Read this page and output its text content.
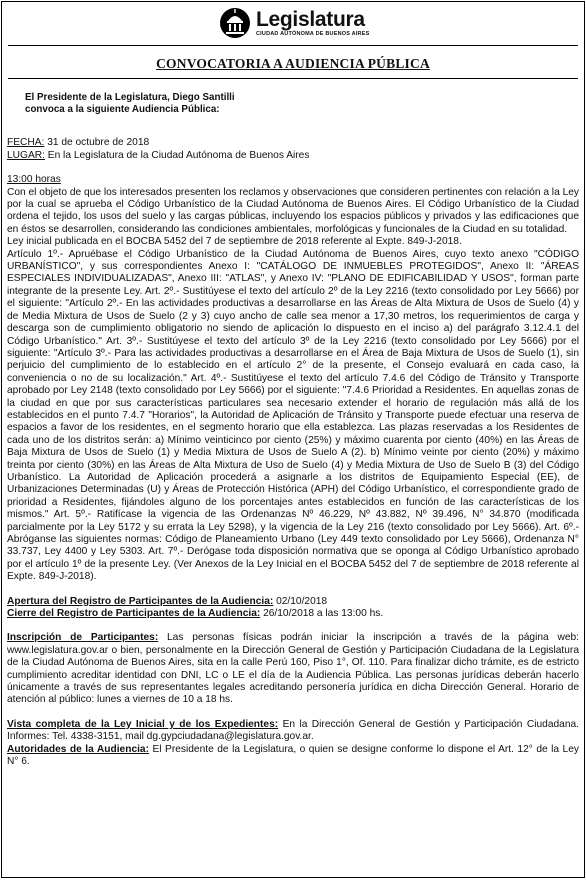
Legislatura
CIUDAD AUTÓNOMA DE BUENOS AIRES
CONVOCATORIA A AUDIENCIA PÚBLICA
El Presidente de la Legislatura, Diego Santilli
convoca a la siguiente Audiencia Pública:

FECHA: 31 de octubre de 2018

LUGAR: En la Legislatura de la Ciudad Autónoma de Buenos Aires

13:00 horas

Con el objeto de que los interesados presenten los reclamos y observaciones que consideren pertinentes con relación a la Ley por la cual se aprueba el Código Urbanístico de la Ciudad Autónoma de Buenos Aires. El Código Urbanístico de la Ciudad ordena el tejido, los usos del suelo y las cargas públicas, incluyendo los espacios públicos y privados y las edificaciones que en éstos se desarrollen, considerando las condiciones ambientales, morfológicas y funcionales de la Ciudad en su totalidad.

Ley inicial publicada en el BOCBA 5452 del 7 de septiembre de 2018 referente al Expte. 849-J-2018.

Artículo 1º.- Apruébase el Código Urbanístico de la Ciudad Autónoma de Buenos Aires, cuyo texto anexo "CÓDIGO URBANÍSTICO", y sus correspondientes Anexo I: "CATÁLOGO DE INMUEBLES PROTEGIDOS", Anexo II: "ÁREAS ESPECIALES INDIVIDUALIZADAS", Anexo III: "ATLAS", y Anexo IV: "PLANO DE EDIFICABILIDAD Y USOS", forman parte integrante de la presente Ley. Art. 2º.- Sustitúyese el texto del artículo 2º de la Ley 2216 (texto consolidado por Ley 5666) por el siguiente: "Artículo 2º.- En las actividades productivas a desarrollarse en las Áreas de Alta Mixtura de Usos de Suelo (4) y de Media Mixtura de Usos de Suelo (2 y 3) cuyo ancho de calle sea menor a 17,30 metros, los requerimientos de carga y descarga son de cumplimiento obligatorio no siendo de aplicación lo dispuesto en el inciso a) del parágrafo 3.12.4.1 del Código Urbanístico." Art. 3º.- Sustitúyese el texto del artículo 3º de la Ley 2216 (texto consolidado por Ley 5666) por el siguiente: "Artículo 3º.- Para las actividades productivas a desarrollarse en el Área de Baja Mixtura de Usos de Suelo (1), sin perjuicio del cumplimiento de lo establecido en el artículo 2° de la presente, el Consejo evaluará en cada caso, la conveniencia o no de su localización." Art. 4º.- Sustitúyese el texto del artículo 7.4.6 del Código de Tránsito y Transporte aprobado por Ley 2148 (texto consolidado por Ley 5666) por el siguiente: "7.4.6 Prioridad a Residentes. En aquellas zonas de la ciudad en que por sus características particulares sea necesario extender el horario de regulación más allá de los establecidos en el punto 7.4.7 "Horarios", la Autoridad de Aplicación de Tránsito y Transporte puede efectuar una reserva de espacios a favor de los residentes, en el segmento horario que ella establezca. Las plazas reservadas a los Residentes de cada uno de los distritos serán: a) Mínimo veinticinco por ciento (25%) y máximo cuarenta por ciento (40%) en las Áreas de Baja Mixtura de Usos de Suelo (1) y Media Mixtura de Usos de Suelo A (2). b) Mínimo veinte por ciento (20%) y máximo treinta por ciento (30%) en las Áreas de Alta Mixtura de Uso de Suelo (4) y Media Mixtura de Uso de Suelo B (3) del Código Urbanístico. La Autoridad de Aplicación procederá a asignarle a los distritos de Equipamiento Especial (EE), de Urbanizaciones Determinadas (U) y Áreas de Protección Histórica (APH) del Código Urbanístico, el correspondiente grado de prioridad a Residentes, fijándoles alguno de los porcentajes antes establecidos en función de las características de los mismos." Art. 5º.- Ratifícase la vigencia de las Ordenanzas Nº 46.229, Nº 43.882, Nº 39.496, N° 34.870 (modificada parcialmente por la Ley 5172 y su errata la Ley 5298), y la vigencia de la Ley 216 (texto consolidado por Ley 5666). Art. 6º.- Abróganse las siguientes normas: Código de Planeamiento Urbano (Ley 449 texto consolidado por Ley 5666), Ordenanza N° 33.737, Ley 4400 y Ley 5303. Art. 7º.- Derógase toda disposición normativa que se oponga al Código Urbanístico aprobado por el artículo 1º de la presente Ley. (Ver Anexos de la Ley Inicial en el BOCBA 5452 del 7 de septiembre de 2018 referente al Expte. 849-J-2018).

Apertura del Registro de Participantes de la Audiencia: 02/10/2018

Cierre del Registro de Participantes de la Audiencia: 26/10/2018 a las 13:00 hs.

Inscripción de Participantes: Las personas físicas podrán iniciar la inscripción a través de la página web: www.legislatura.gov.ar o bien, personalmente en la Dirección General de Gestión y Participación Ciudadana de la Legislatura de la Ciudad Autónoma de Buenos Aires, sita en la calle Perú 160, Piso 1°, Of. 110. Para finalizar dicho trámite, es de estricto cumplimiento acreditar identidad con DNI, LC o LE el día de la Audiencia Pública. Las personas jurídicas deberán hacerlo únicamente a través de sus representantes legales acreditando personería jurídica en dicha Dirección General. Horario de atención al público: lunes a viernes de 10 a 18 hs.

Vista completa de la Ley Inicial y de los Expedientes: En la Dirección General de Gestión y Participación Ciudadana. Informes: Tel. 4338-3151, mail dg.gypciudadana@legislatura.gov.ar.

Autoridades de la Audiencia: El Presidente de la Legislatura, o quien se designe conforme lo dispone el Art. 12° de la Ley N° 6.
